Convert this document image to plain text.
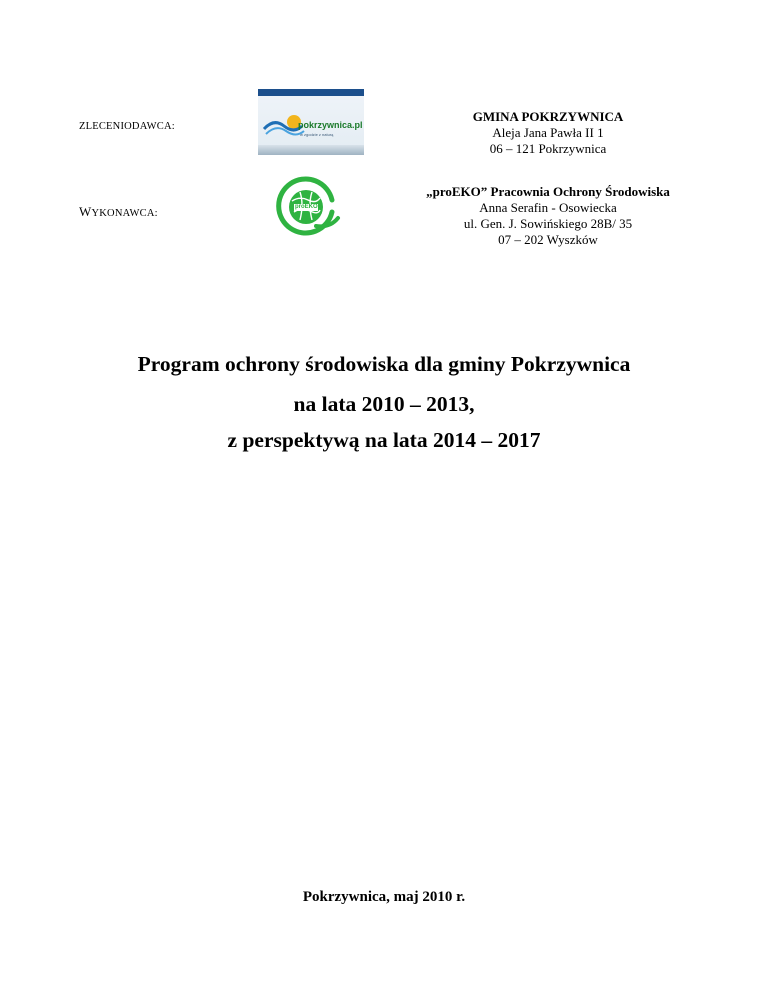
ZLECENIODAWCA:	pokrzywnica.pl
w zgodzie z naturą
GMINA POKRZYWNICA
Aleja Jana Pawła II 1
06 – 121 Pokrzywnica
WYKONAWCA:
proEKO
„proEKO” Pracownia Ochrony Środowiska
Anna Serafin - Osowiecka
ul. Gen. J. Sowińskiego 28B/ 35
07 – 202 Wyszków
Program ochrony środowiska dla gminy Pokrzywnica
na lata 2010 – 2013,
z perspektywą na lata 2014 – 2017
Pokrzywnica, maj 2010 r.
